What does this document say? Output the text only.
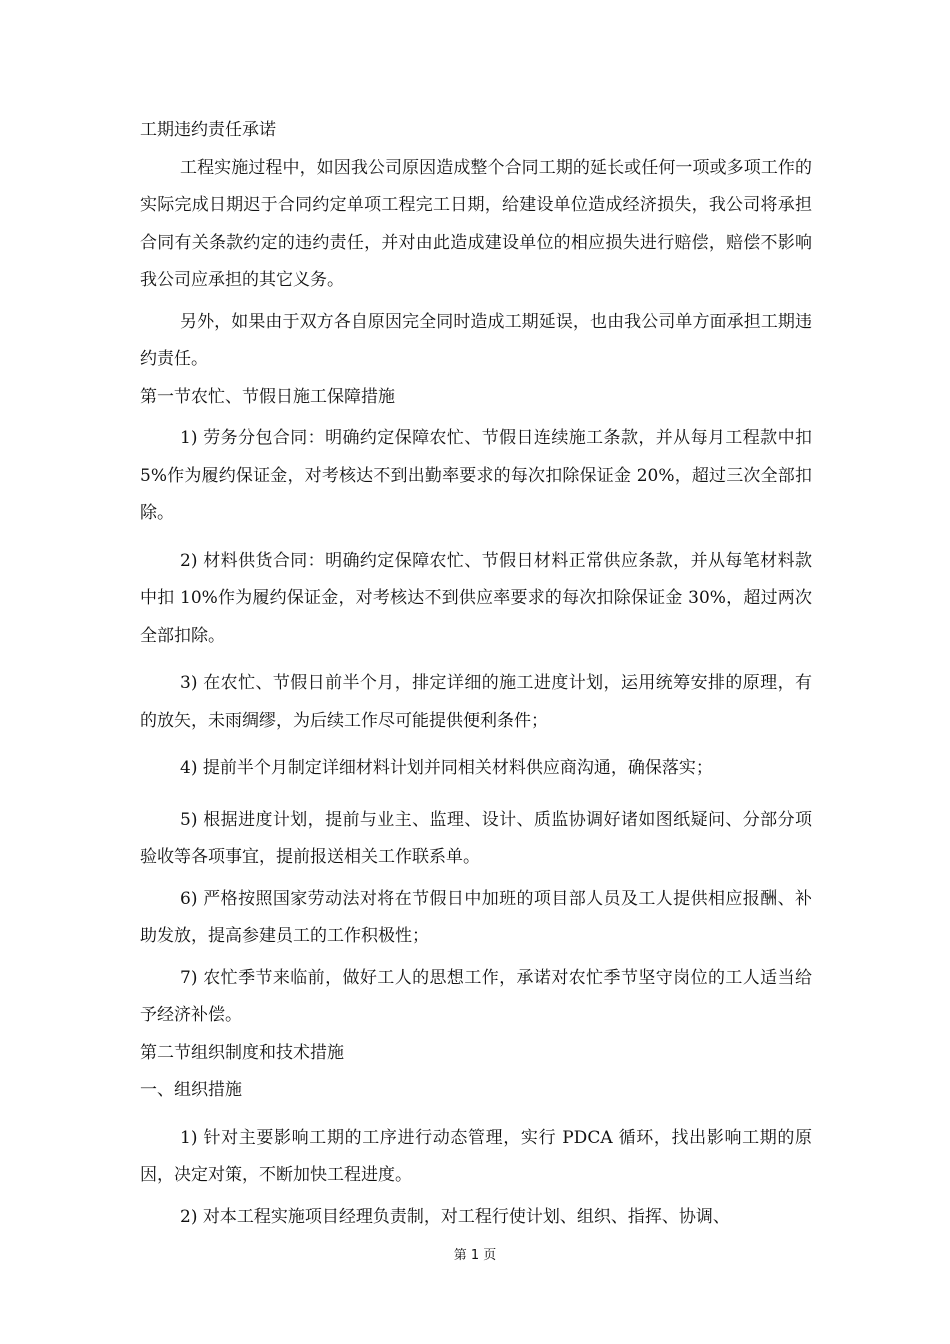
工期违约责任承诺

工程实施过程中，如因我公司原因造成整个合同工期的延长或任何一项或多项工作的实际完成日期迟于合同约定单项工程完工日期，给建设单位造成经济损失，我公司将承担合同有关条款约定的违约责任，并对由此造成建设单位的相应损失进行赔偿，赔偿不影响我公司应承担的其它义务。

另外，如果由于双方各自原因完全同时造成工期延误，也由我公司单方面承担工期违约责任。

第一节农忙、节假日施工保障措施

1) 劳务分包合同：明确约定保障农忙、节假日连续施工条款，并从每月工程款中扣 5%作为履约保证金，对考核达不到出勤率要求的每次扣除保证金 20%，超过三次全部扣除。

2) 材料供货合同：明确约定保障农忙、节假日材料正常供应条款，并从每笔材料款中扣 10%作为履约保证金，对考核达不到供应率要求的每次扣除保证金 30%，超过两次全部扣除。

3) 在农忙、节假日前半个月，排定详细的施工进度计划，运用统筹安排的原理，有的放矢，未雨绸缪，为后续工作尽可能提供便利条件；

4) 提前半个月制定详细材料计划并同相关材料供应商沟通，确保落实；

5) 根据进度计划，提前与业主、监理、设计、质监协调好诸如图纸疑问、分部分项验收等各项事宜，提前报送相关工作联系单。

6) 严格按照国家劳动法对将在节假日中加班的项目部人员及工人提供相应报酬、补助发放，提高参建员工的工作积极性；

7) 农忙季节来临前，做好工人的思想工作，承诺对农忙季节坚守岗位的工人适当给予经济补偿。

第二节组织制度和技术措施

一、组织措施

1) 针对主要影响工期的工序进行动态管理，实行 PDCA 循环，找出影响工期的原因，决定对策，不断加快工程进度。

2) 对本工程实施项目经理负责制，对工程行使计划、组织、指挥、协调、

第 1 页
